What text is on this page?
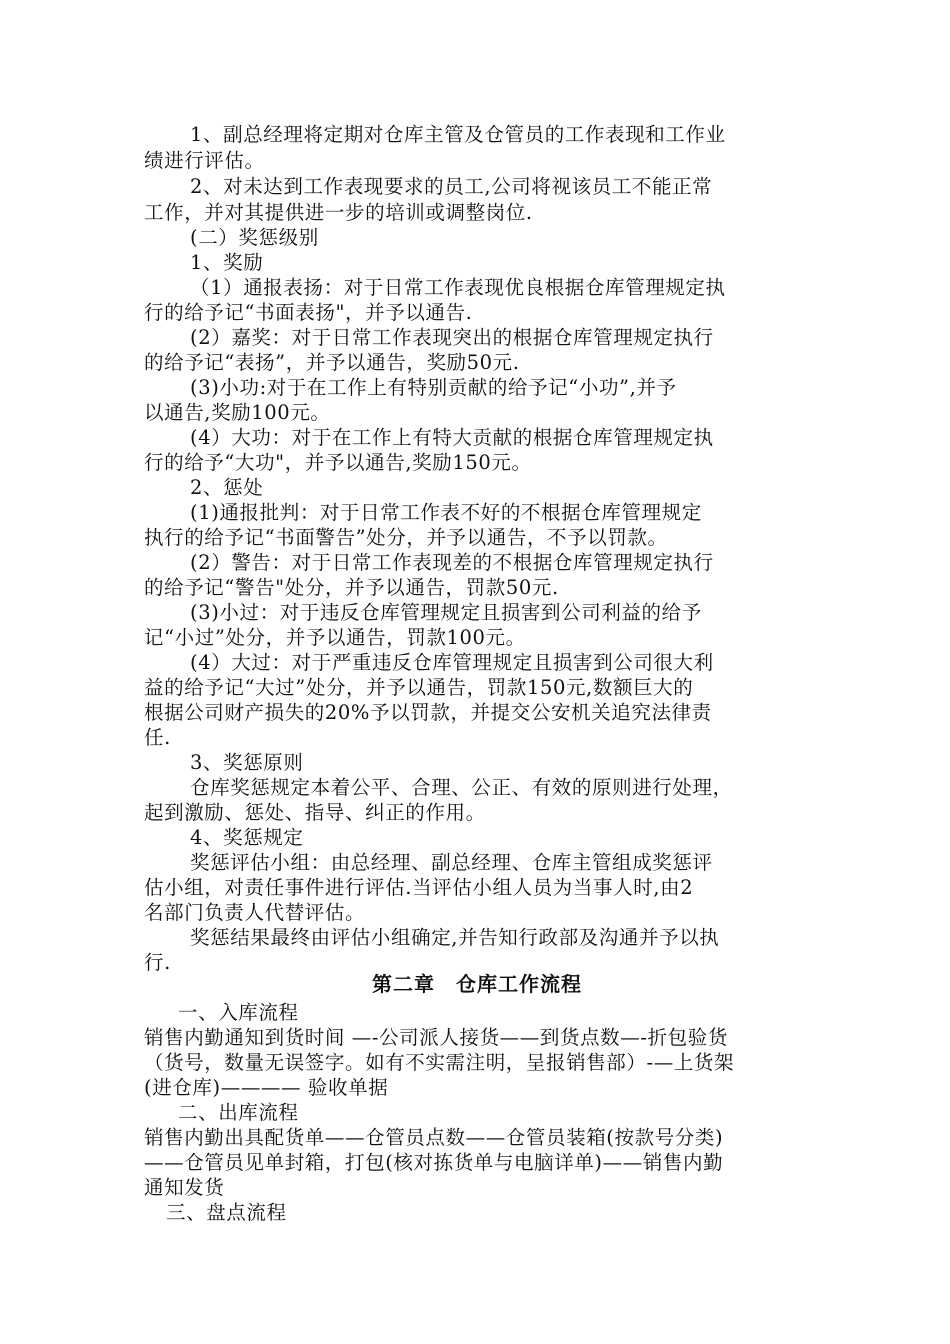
1、副总经理将定期对仓库主管及仓管员的工作表现和工作业
绩进行评估。
2、对未达到工作表现要求的员工,公司将视该员工不能正常
工作，并对其提供进一步的培训或调整岗位.
(二）奖惩级别
1、奖励
（1）通报表扬：对于日常工作表现优良根据仓库管理规定执
行的给予记“书面表扬"，并予以通告.
(2）嘉奖：对于日常工作表现突出的根据仓库管理规定执行
的给予记“表扬”，并予以通告，奖励50元.
(3)小功:对于在工作上有特别贡献的给予记“小功”,并予
以通告,奖励100元。
(4）大功：对于在工作上有特大贡献的根据仓库管理规定执
行的给予“大功"，并予以通告,奖励150元。
2、惩处
(1)通报批判：对于日常工作表不好的不根据仓库管理规定
执行的给予记“书面警告”处分，并予以通告，不予以罚款。
(2）警告：对于日常工作表现差的不根据仓库管理规定执行
的给予记“警告"处分，并予以通告，罚款50元.
(3)小过：对于违反仓库管理规定且损害到公司利益的给予
记“小过”处分，并予以通告，罚款100元。
(4）大过：对于严重违反仓库管理规定且损害到公司很大利
益的给予记“大过”处分，并予以通告，罚款150元,数额巨大的
根据公司财产损失的20%予以罚款，并提交公安机关追究法律责
任.
3、奖惩原则
仓库奖惩规定本着公平、合理、公正、有效的原则进行处理，
起到激励、惩处、指导、纠正的作用。
4、奖惩规定
奖惩评估小组：由总经理、副总经理、仓库主管组成奖惩评
估小组，对责任事件进行评估.当评估小组人员为当事人时,由2
名部门负责人代替评估。
奖惩结果最终由评估小组确定,并告知行政部及沟通并予以执
行.
第二章　仓库工作流程
一、入库流程
销售内勤通知到货时间 —-公司派人接货——到货点数—-折包验货
（货号，数量无误签字。如有不实需注明，呈报销售部）-—上货架
(进仓库)———— 验收单据
二、出库流程
销售内勤出具配货单——仓管员点数——仓管员装箱(按款号分类)
——仓管员见单封箱，打包(核对拣货单与电脑详单)——销售内勤
通知发货
三、盘点流程
